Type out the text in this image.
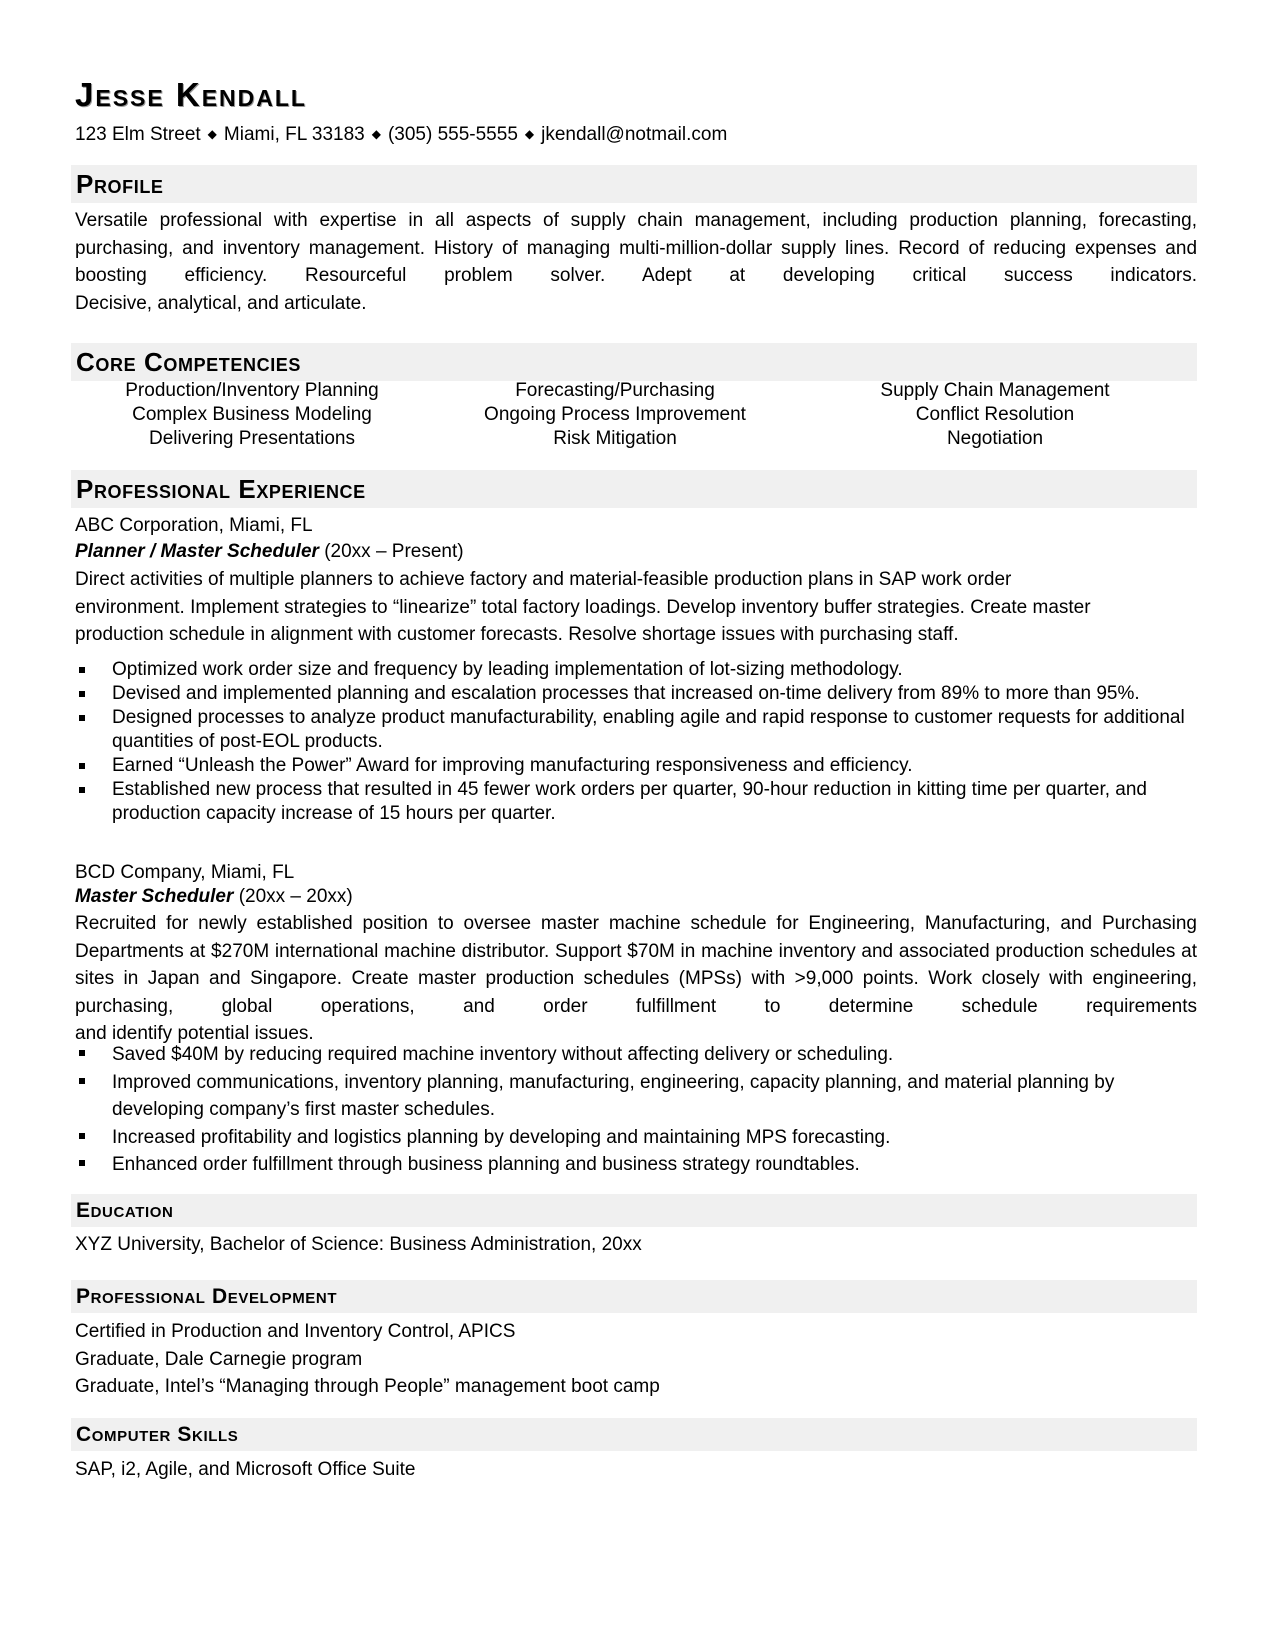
Jesse Kendall
123 Elm Street ◆ Miami, FL 33183 ◆ (305) 555-5555 ◆ jkendall@notmail.com
Profile
Versatile professional with expertise in all aspects of supply chain management, including production planning, forecasting, purchasing, and inventory management. History of managing multi-million-dollar supply lines. Record of reducing expenses and boosting efficiency. Resourceful problem solver. Adept at developing critical success indicators.
Decisive, analytical, and articulate.
Core Competencies
Production/Inventory Planning
Complex Business Modeling
Delivering Presentations
Forecasting/Purchasing
Ongoing Process Improvement
Risk Mitigation
Supply Chain Management
Conflict Resolution
Negotiation
Professional Experience
ABC Corporation, Miami, FL
Planner / Master Scheduler (20xx – Present)
Direct activities of multiple planners to achieve factory and material-feasible production plans in SAP work order
environment. Implement strategies to “linearize” total factory loadings. Develop inventory buffer strategies. Create master
production schedule in alignment with customer forecasts. Resolve shortage issues with purchasing staff.
Optimized work order size and frequency by leading implementation of lot-sizing methodology.
Devised and implemented planning and escalation processes that increased on-time delivery from 89% to more than 95%.
Designed processes to analyze product manufacturability, enabling agile and rapid response to customer requests for additional quantities of post-EOL products.
Earned “Unleash the Power” Award for improving manufacturing responsiveness and efficiency.
Established new process that resulted in 45 fewer work orders per quarter, 90-hour reduction in kitting time per quarter, and production capacity increase of 15 hours per quarter.
BCD Company, Miami, FL
Master Scheduler (20xx – 20xx)
Recruited for newly established position to oversee master machine schedule for Engineering, Manufacturing, and Purchasing Departments at $270M international machine distributor. Support $70M in machine inventory and associated production schedules at sites in Japan and Singapore. Create master production schedules (MPSs) with >9,000 points. Work closely with engineering, purchasing, global operations, and order fulfillment to determine schedule requirements
and identify potential issues.
Saved $40M by reducing required machine inventory without affecting delivery or scheduling.
Improved communications, inventory planning, manufacturing, engineering, capacity planning, and material planning by developing company’s first master schedules.
Increased profitability and logistics planning by developing and maintaining MPS forecasting.
Enhanced order fulfillment through business planning and business strategy roundtables.
Education
XYZ University, Bachelor of Science: Business Administration, 20xx
Professional Development
Certified in Production and Inventory Control, APICS
Graduate, Dale Carnegie program
Graduate, Intel’s “Managing through People” management boot camp
Computer Skills
SAP, i2, Agile, and Microsoft Office Suite
